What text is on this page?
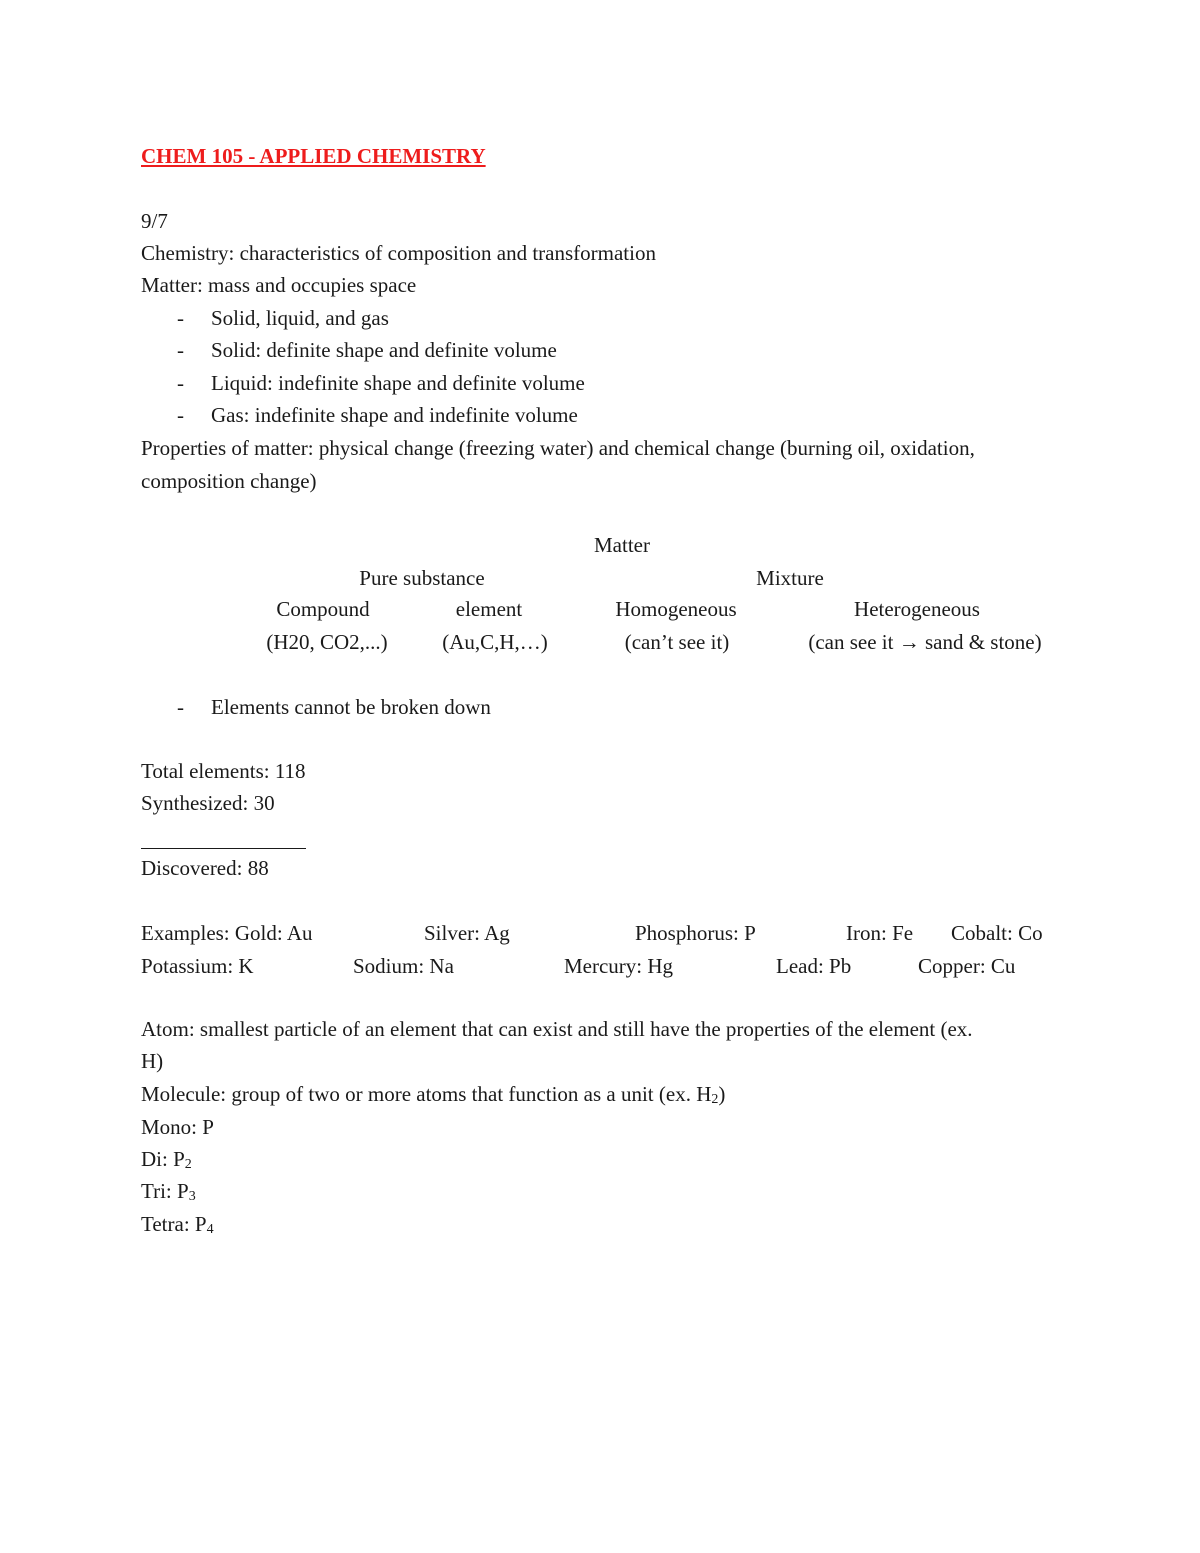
CHEM 105 - APPLIED CHEMISTRY
9/7
Chemistry: characteristics of composition and transformation
Matter: mass and occupies space
- Solid, liquid, and gas
- Solid: definite shape and definite volume
- Liquid: indefinite shape and definite volume
- Gas: indefinite shape and indefinite volume
Properties of matter: physical change (freezing water) and chemical change (burning oil, oxidation,
composition change)
Matter
Pure substance	Mixture
Compound	element	Homogeneous	Heterogeneous
(H20, CO2,...)	(Au,C,H,…)	(can’t see it)	(can see it → sand & stone)
- Elements cannot be broken down
Total elements: 118
Synthesized: 30
Discovered: 88
Examples: Gold: Au	Silver: Ag	Phosphorus: P	Iron: Fe Cobalt: Co
Potassium: K	Sodium: Na	Mercury: Hg	Lead: Pb	Copper: Cu
Atom: smallest particle of an element that can exist and still have the properties of the element (ex.
H)
Molecule: group of two or more atoms that function as a unit (ex. $H_2$)
Mono: P
Di: $P_2$
Tri: $P_3$
Tetra: $P_4$
